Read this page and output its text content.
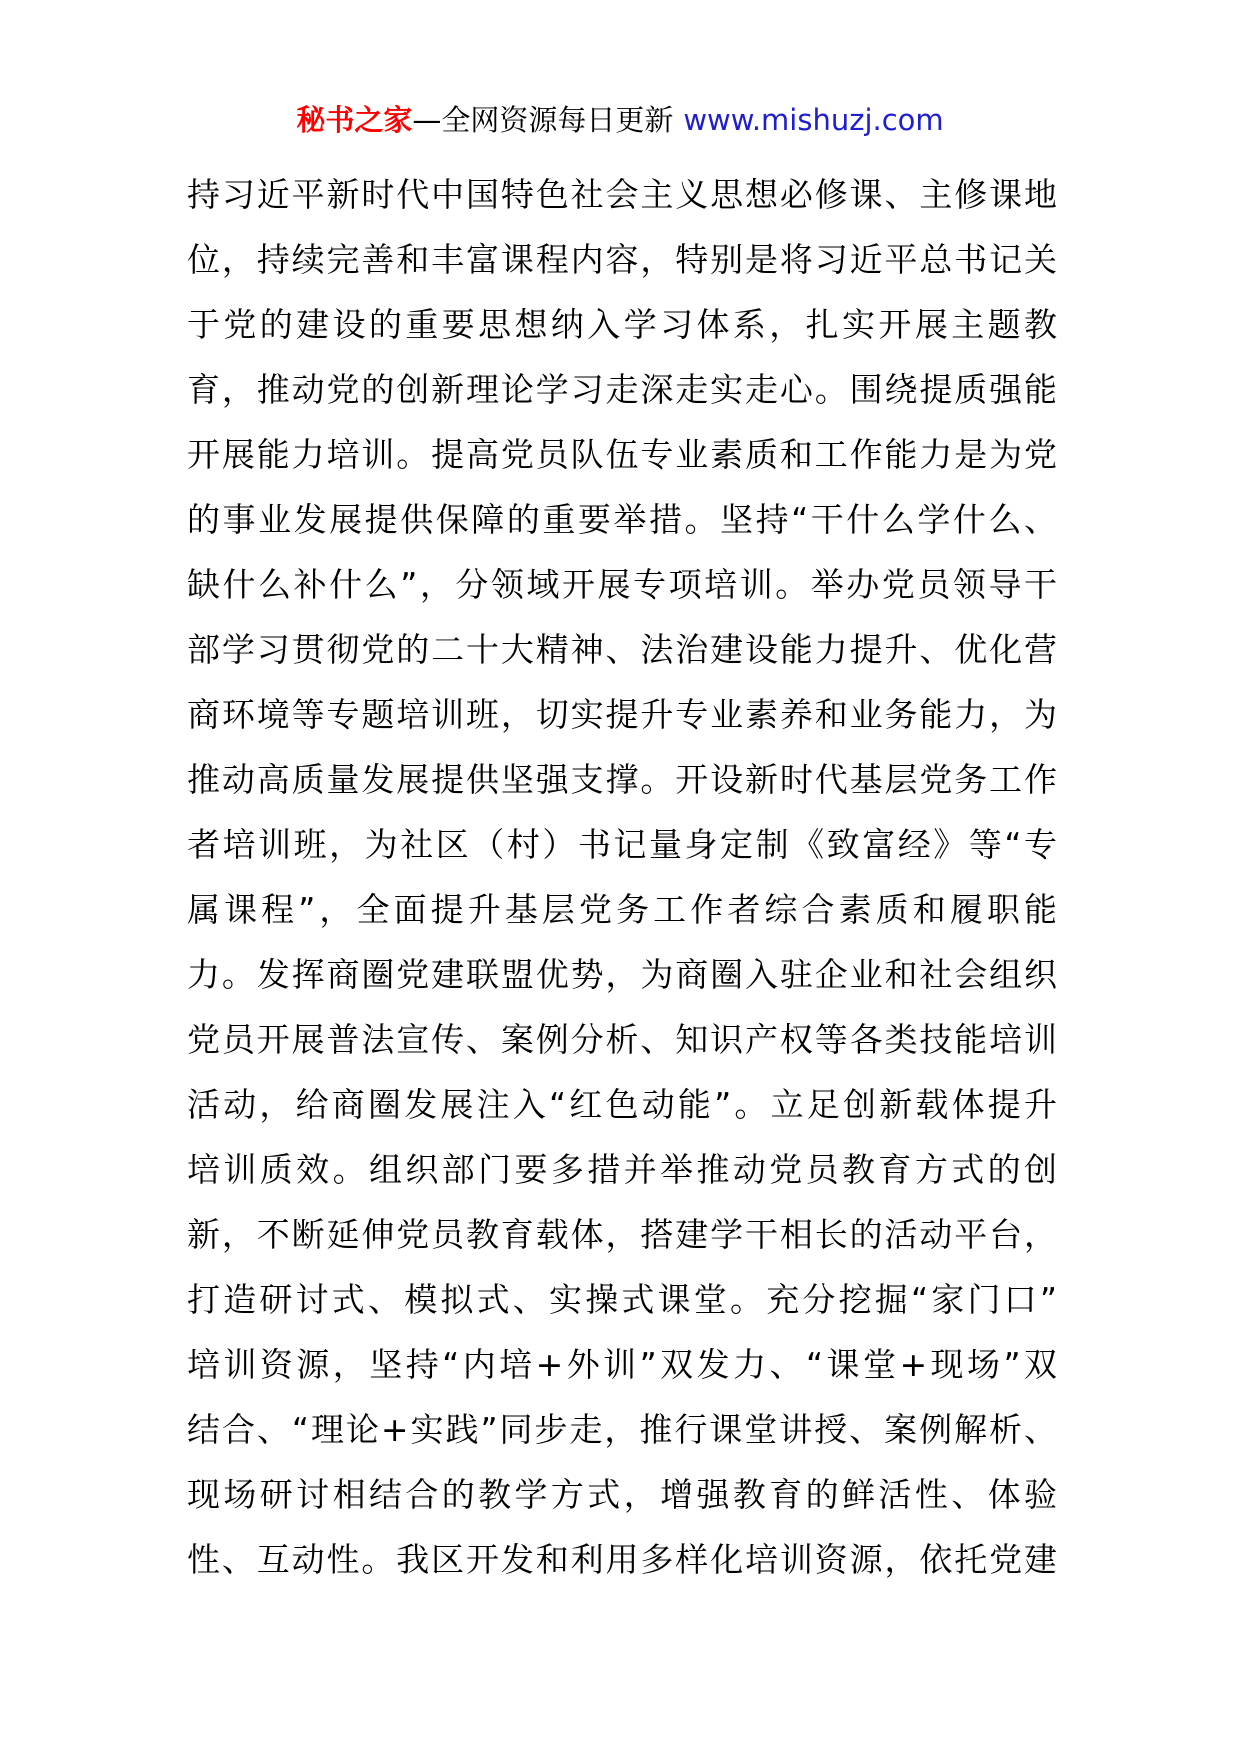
秘书之家—全网资源每日更新 www.mishuzj.com
持习近平新时代中国特色社会主义思想必修课、主修课地
位，持续完善和丰富课程内容，特别是将习近平总书记关
于党的建设的重要思想纳入学习体系，扎实开展主题教
育，推动党的创新理论学习走深走实走心。围绕提质强能
开展能力培训。提高党员队伍专业素质和工作能力是为党
的事业发展提供保障的重要举措。坚持“干什么学什么、
缺什么补什么”，分领域开展专项培训。举办党员领导干
部学习贯彻党的二十大精神、法治建设能力提升、优化营
商环境等专题培训班，切实提升专业素养和业务能力，为
推动高质量发展提供坚强支撑。开设新时代基层党务工作
者培训班，为社区（村）书记量身定制《致富经》等“专
属课程”，全面提升基层党务工作者综合素质和履职能
力。发挥商圈党建联盟优势，为商圈入驻企业和社会组织
党员开展普法宣传、案例分析、知识产权等各类技能培训
活动，给商圈发展注入“红色动能”。立足创新载体提升
培训质效。组织部门要多措并举推动党员教育方式的创
新，不断延伸党员教育载体，搭建学干相长的活动平台，
打造研讨式、模拟式、实操式课堂。充分挖掘“家门口”
培训资源，坚持“内培+外训”双发力、“课堂+现场”双
结合、“理论+实践”同步走，推行课堂讲授、案例解析、
现场研讨相结合的教学方式，增强教育的鲜活性、体验
性、互动性。我区开发和利用多样化培训资源，依托党建
